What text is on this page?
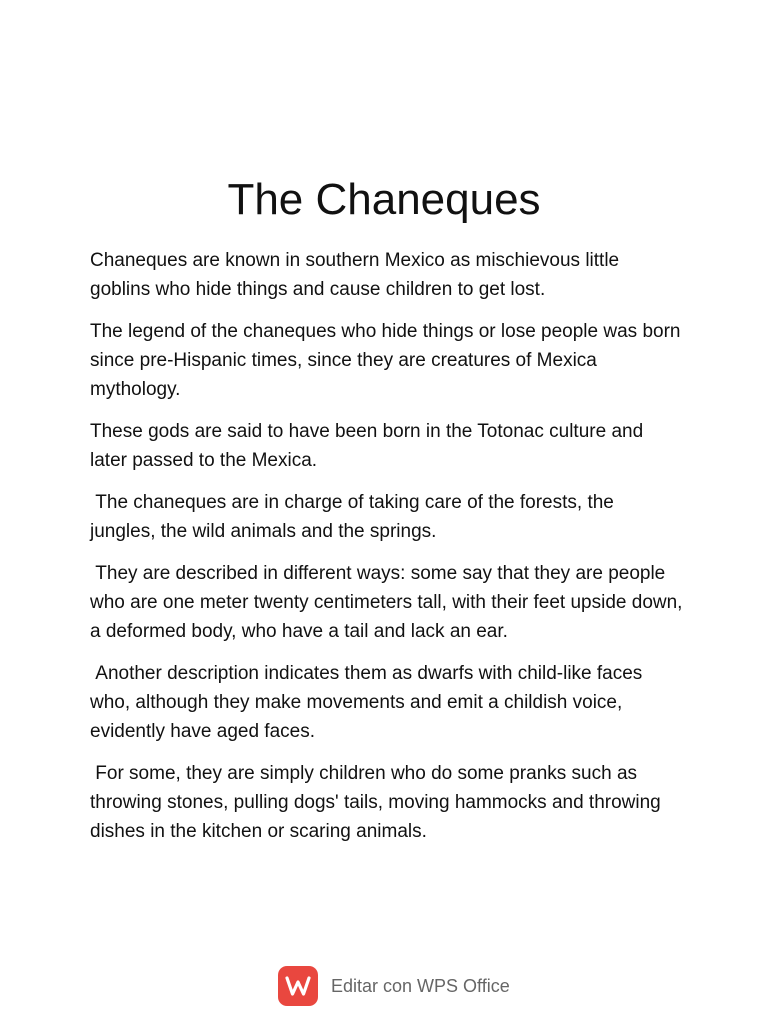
The Chaneques

Chaneques are known in southern Mexico as mischievous little goblins who hide things and cause children to get lost.

The legend of the chaneques who hide things or lose people was born since pre-Hispanic times, since they are creatures of Mexica mythology.

These gods are said to have been born in the Totonac culture and later passed to the Mexica.

The chaneques are in charge of taking care of the forests, the jungles, the wild animals and the springs.

They are described in different ways: some say that they are people who are one meter twenty centimeters tall, with their feet upside down, a deformed body, who have a tail and lack an ear.

Another description indicates them as dwarfs with child-like faces who, although they make movements and emit a childish voice, evidently have aged faces.

For some, they are simply children who do some pranks such as throwing stones, pulling dogs' tails, moving hammocks and throwing dishes in the kitchen or scaring animals.

Editar con WPS Office
